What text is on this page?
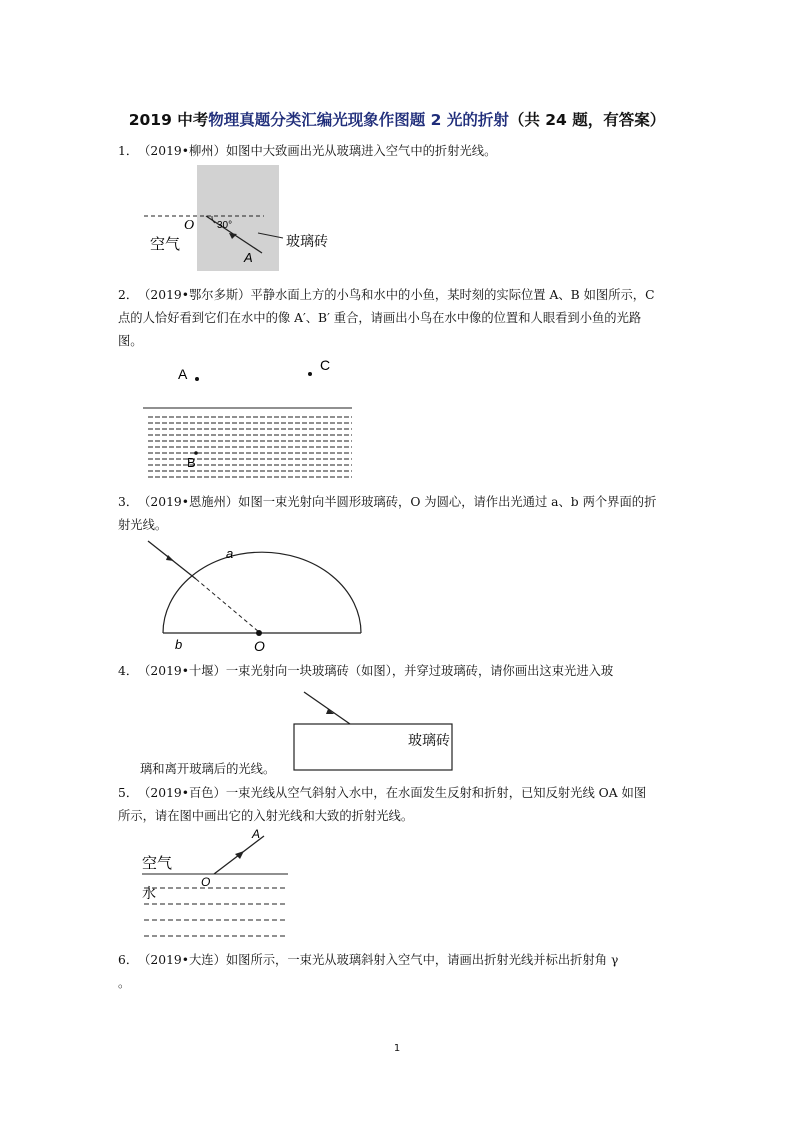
2019 中考物理真题分类汇编光现象作图题 2 光的折射（共 24 题，有答案）
1．（2019•柳州）如图中大致画出光从玻璃进入空气中的折射光线。
O 30°
空气	玻璃砖
A
2．（2019•鄂尔多斯）平静水面上方的小鸟和水中的小鱼，某时刻的实际位置 A、B 如图所示，C 点的人恰好看到它们在水中的像 A′、B′ 重合，请画出小鸟在水中像的位置和人眼看到小鱼的光路图。
A
C
B
3．（2019•恩施州）如图一束光射向半圆形玻璃砖，O 为圆心，请作出光通过 a、b 两个界面的折射光线。
a
b	O
4．（2019•十堰）一束光射向一块玻璃砖（如图），并穿过玻璃砖，请你画出这束光进入玻
玻璃砖
璃和离开玻璃后的光线。
5．（2019•百色）一束光线从空气斜射入水中，在水面发生反射和折射，已知反射光线 OA 如图所示，请在图中画出它的入射光线和大致的折射光线。
A
空气
O
水
6．（2019•大连）如图所示，一束光从玻璃斜射入空气中，请画出折射光线并标出折射角 γ
。
1
